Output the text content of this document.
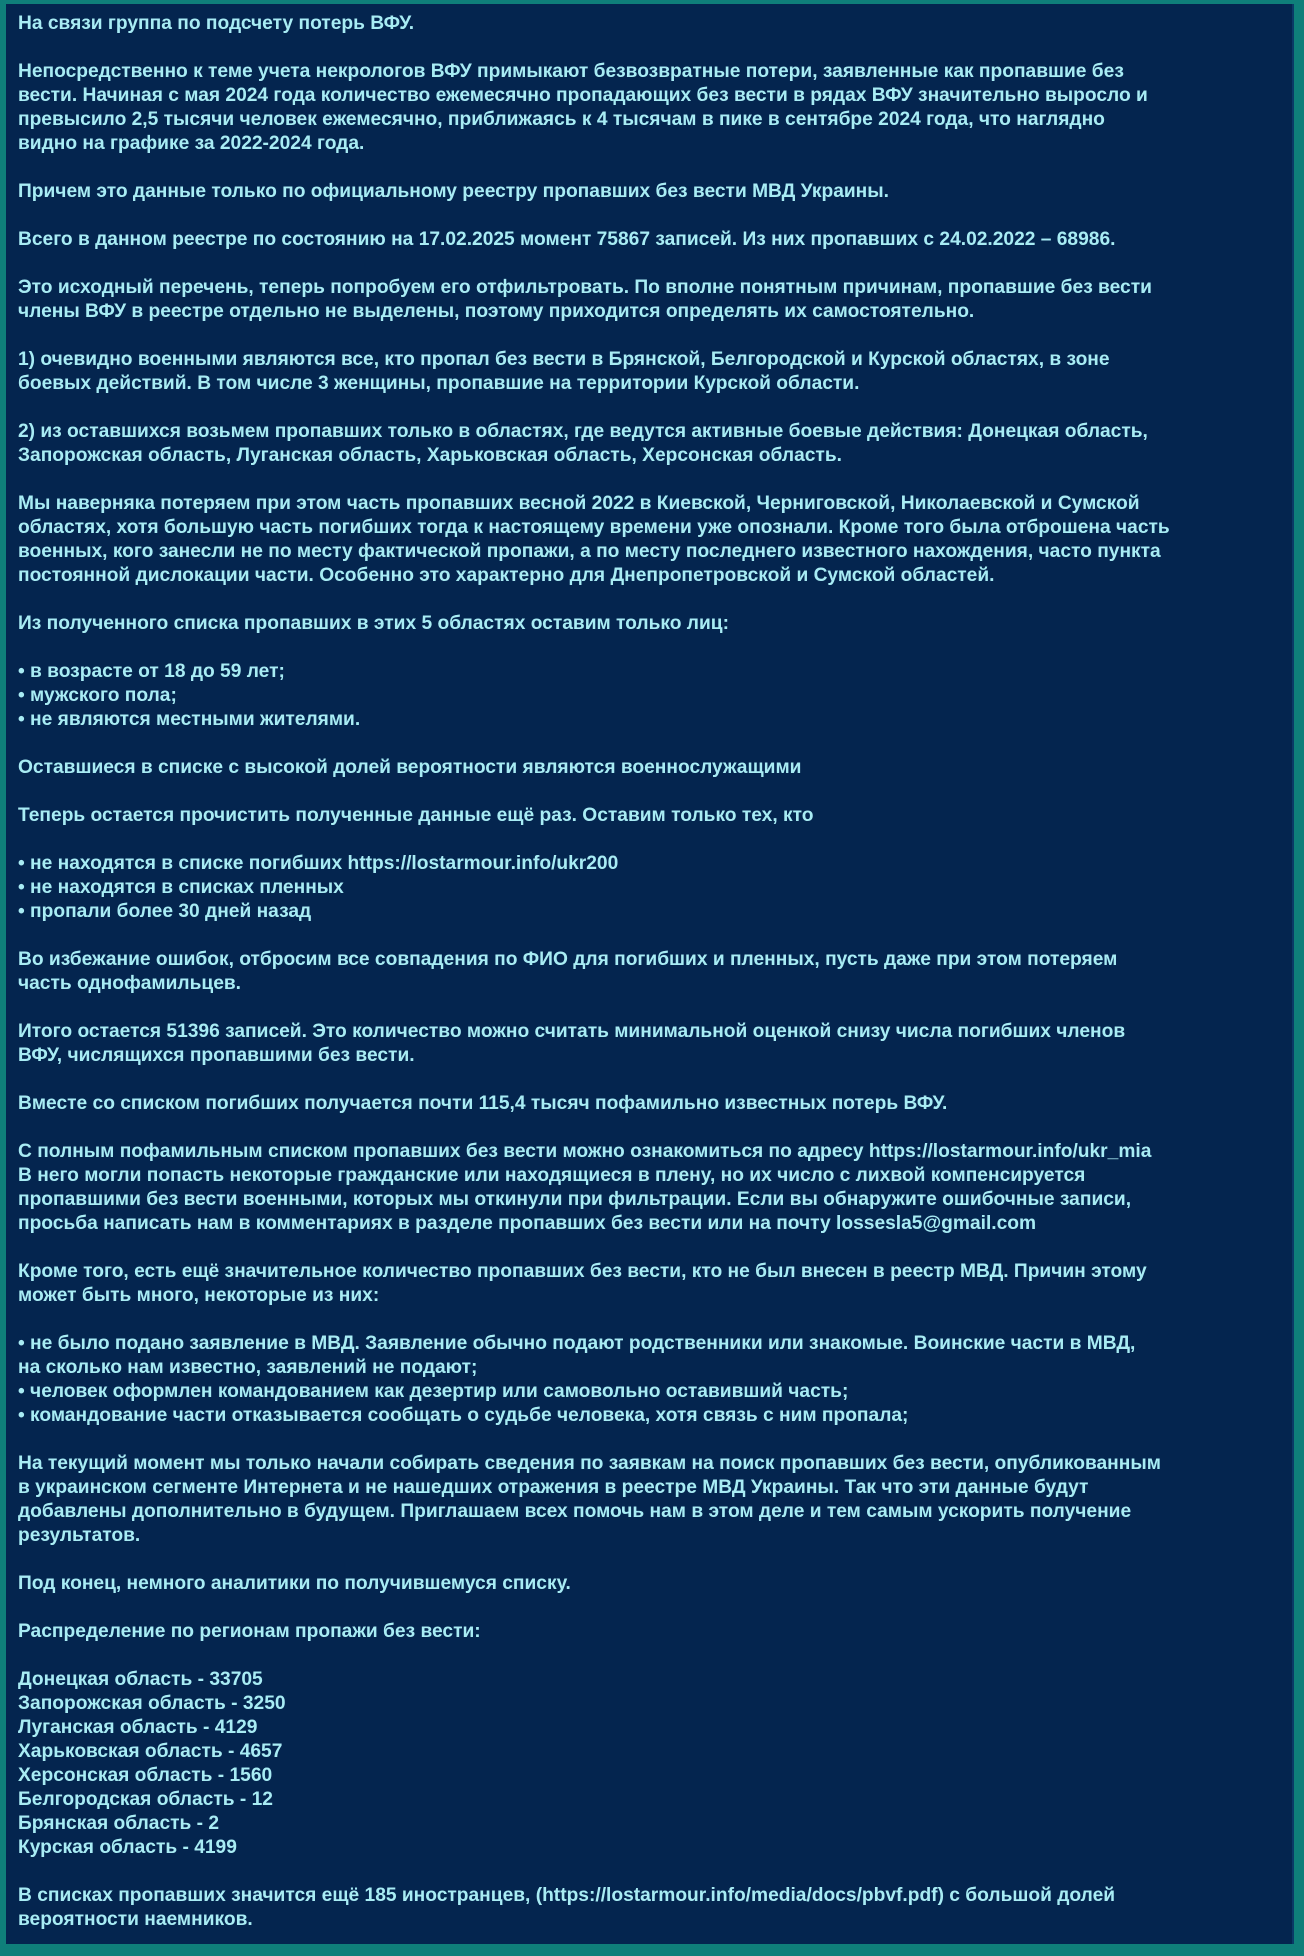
На связи группа по подсчету потерь ВФУ.
Непосредственно к теме учета некрологов ВФУ примыкают безвозвратные потери, заявленные как пропавшие без
вести. Начиная с мая 2024 года количество ежемесячно пропадающих без вести в рядах ВФУ значительно выросло и
превысило 2,5 тысячи человек ежемесячно, приближаясь к 4 тысячам в пике в сентябре 2024 года, что наглядно
видно на графике за 2022-2024 года.
Причем это данные только по официальному реестру пропавших без вести МВД Украины.
Всего в данном реестре по состоянию на 17.02.2025 момент 75867 записей. Из них пропавших с 24.02.2022 – 68986.
Это исходный перечень, теперь попробуем его отфильтровать. По вполне понятным причинам, пропавшие без вести
члены ВФУ в реестре отдельно не выделены, поэтому приходится определять их самостоятельно.
1) очевидно военными являются все, кто пропал без вести в Брянской, Белгородской и Курской областях, в зоне
боевых действий. В том числе 3 женщины, пропавшие на территории Курской области.
2) из оставшихся возьмем пропавших только в областях, где ведутся активные боевые действия: Донецкая область,
Запорожская область, Луганская область, Харьковская область, Херсонская область.
Мы наверняка потеряем при этом часть пропавших весной 2022 в Киевской, Черниговской, Николаевской и Сумской
областях, хотя большую часть погибших тогда к настоящему времени уже опознали. Кроме того была отброшена часть
военных, кого занесли не по месту фактической пропажи, а по месту последнего известного нахождения, часто пункта
постоянной дислокации части. Особенно это характерно для Днепропетровской и Сумской областей.
Из полученного списка пропавших в этих 5 областях оставим только лиц:
• в возрасте от 18 до 59 лет;
• мужского пола;
• не являются местными жителями.
Оставшиеся в списке с высокой долей вероятности являются военнослужащими
Теперь остается прочистить полученные данные ещё раз. Оставим только тех, кто
• не находятся в списке погибших https://lostarmour.info/ukr200
• не находятся в списках пленных
• пропали более 30 дней назад
Во избежание ошибок, отбросим все совпадения по ФИО для погибших и пленных, пусть даже при этом потеряем
часть однофамильцев.
Итого остается 51396 записей. Это количество можно считать минимальной оценкой снизу числа погибших членов
ВФУ, числящихся пропавшими без вести.
Вместе со списком погибших получается почти 115,4 тысяч пофамильно известных потерь ВФУ.
С полным пофамильным списком пропавших без вести можно ознакомиться по адресу https://lostarmour.info/ukr_mia
В него могли попасть некоторые гражданские или находящиеся в плену, но их число с лихвой компенсируется
пропавшими без вести военными, которых мы откинули при фильтрации. Если вы обнаружите ошибочные записи,
просьба написать нам в комментариях в разделе пропавших без вести или на почту lossesla5@gmail.com
Кроме того, есть ещё значительное количество пропавших без вести, кто не был внесен в реестр МВД. Причин этому
может быть много, некоторые из них:
• не было подано заявление в МВД. Заявление обычно подают родственники или знакомые. Воинские части в МВД,
на сколько нам известно, заявлений не подают;
• человек оформлен командованием как дезертир или самовольно оставивший часть;
• командование части отказывается сообщать о судьбе человека, хотя связь с ним пропала;
На текущий момент мы только начали собирать сведения по заявкам на поиск пропавших без вести, опубликованным
в украинском сегменте Интернета и не нашедших отражения в реестре МВД Украины. Так что эти данные будут
добавлены дополнительно в будущем. Приглашаем всех помочь нам в этом деле и тем самым ускорить получение
результатов.
Под конец, немного аналитики по получившемуся списку.
Распределение по регионам пропажи без вести:
Донецкая область - 33705
Запорожская область - 3250
Луганская область - 4129
Харьковская область - 4657
Херсонская область - 1560
Белгородская область - 12
Брянская область - 2
Курская область - 4199
В списках пропавших значится ещё 185 иностранцев, (https://lostarmour.info/media/docs/pbvf.pdf) с большой долей
вероятности наемников.
